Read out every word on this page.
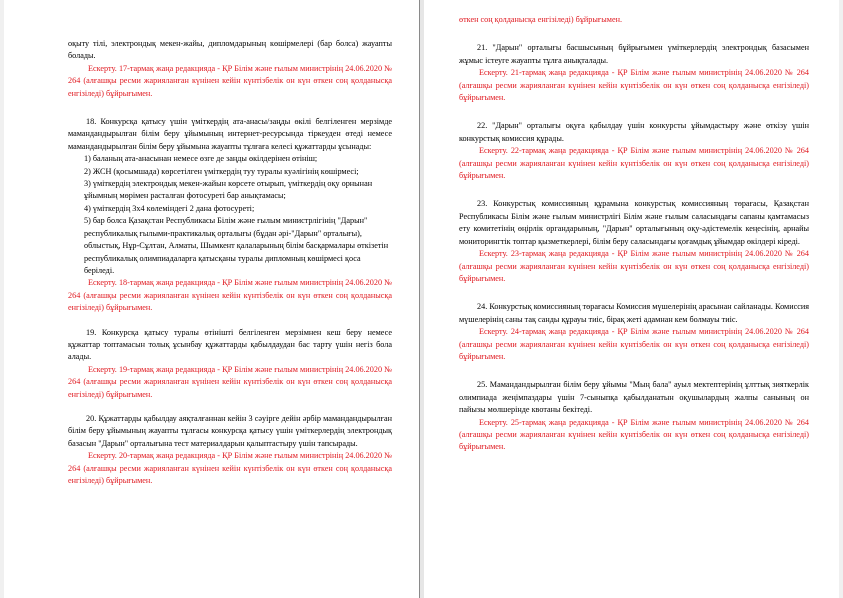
оқыту тілі, электрондық мекен-жайы, дипломдарының көшірмелері (бар болса) жауапты болады.

Ескерту. 17-тармақ жаңа редакцияда - ҚР Білім және ғылым министрінің 24.06.2020 № 264 (алғашқы ресми жарияланған күнінен кейін күнтізбелік он күн өткен соң қолданысқа енгізіледі) бұйрығымен.

18. Конкурсқа қатысу үшін үміткердің ата-анасы/заңды өкілі белгіленген мерзімде мамандандырылған білім беру ұйымының интернет-ресурсында тіркеуден өтеді немесе мамандандырылған білім беру ұйымына жауапты тұлғаға келесі құжаттарды ұсынады:

1) баланың ата-анасынан немесе өзге де заңды өкілдерінен өтініш;

2) ЖСН (қосымшада) көрсетілген үміткердің туу туралы куәлігінің көшірмесі;

3) үміткердің электрондық мекен-жайын көрсете отырып, үміткердің оқу орнынан ұйымның мөрімен расталған фотосуреті бар анықтамасы;

4) үміткердің 3x4 көлеміндегі 2 дана фотосуреті;

5) бар болса Қазақстан Республикасы Білім және ғылым министрлігінің "Дарын" республикалық ғылыми-практикалық орталығы (бұдан әрі-"Дарын" орталығы), облыстық, Нұр-Сұлтан, Алматы, Шымкент қалаларының білім басқармалары өткізетін республикалық олимпиадаларға қатысқаны туралы дипломның көшірмесі қоса беріледі.

Ескерту. 18-тармақ жаңа редакцияда - ҚР Білім және ғылым министрінің 24.06.2020 № 264 (алғашқы ресми жарияланған күнінен кейін күнтізбелік он күн өткен соң қолданысқа енгізіледі) бұйрығымен.

19. Конкурсқа қатысу туралы өтінішті белгіленген мерзімнен кеш беру немесе құжаттар топтамасын толық ұсынбау құжаттарды қабылдаудан бас тарту үшін негіз бола алады.

Ескерту. 19-тармақ жаңа редакцияда - ҚР Білім және ғылым министрінің 24.06.2020 № 264 (алғашқы ресми жарияланған күнінен кейін күнтізбелік он күн өткен соң қолданысқа енгізіледі) бұйрығымен.

20. Құжаттарды қабылдау аяқталғаннан кейін 3 сәуірге дейін әрбір мамандандырылған білім беру ұйымының жауапты тұлғасы конкурсқа қатысу үшін үміткерлердің электрондық базасын "Дарын" орталығына тест материалдарын қалыптастыру үшін тапсырады.

Ескерту. 20-тармақ жаңа редакцияда - ҚР Білім және ғылым министрінің 24.06.2020 № 264 (алғашқы ресми жарияланған күнінен кейін күнтізбелік он күн өткен соң қолданысқа енгізіледі) бұйрығымен.

өткен соң қолданысқа енгізіледі) бұйрығымен.

21. "Дарын" орталығы басшысының бұйрығымен үміткерлердің электрондық базасымен жұмыс істеуге жауапты тұлға анықталады.

Ескерту. 21-тармақ жаңа редакцияда - ҚР Білім және ғылым министрінің 24.06.2020 № 264 (алғашқы ресми жарияланған күнінен кейін күнтізбелік он күн өткен соң қолданысқа енгізіледі) бұйрығымен.

22. "Дарын" орталығы оқуға қабылдау үшін конкурсты ұйымдастыру және өткізу үшін конкурстық комиссия құрады.

Ескерту. 22-тармақ жаңа редакцияда - ҚР Білім және ғылым министрінің 24.06.2020 № 264 (алғашқы ресми жарияланған күнінен кейін күнтізбелік он күн өткен соң қолданысқа енгізіледі) бұйрығымен.

23. Конкурстық комиссияның құрамына конкурстық комиссияның төрағасы, Қазақстан Республикасы Білім және ғылым министрлігі Білім және ғылым саласындағы сапаны қамтамасыз ету комитетінің өңірлік органдарының, "Дарын" орталығының оқу-әдістемелік кеңесінің, арнайы мониторингтік топтар қызметкерлері, білім беру саласындағы қоғамдық ұйымдар өкілдері кіреді.

Ескерту. 23-тармақ жаңа редакцияда - ҚР Білім және ғылым министрінің 24.06.2020 № 264 (алғашқы ресми жарияланған күнінен кейін күнтізбелік он күн өткен соң қолданысқа енгізіледі) бұйрығымен.

24. Конкурстық комиссияның төрағасы Комиссия мүшелерінің арасынан сайланады. Комиссия мүшелерінің саны тақ санды құрауы тиіс, бірақ жеті адамнан кем болмауы тиіс.

Ескерту. 24-тармақ жаңа редакцияда - ҚР Білім және ғылым министрінің 24.06.2020 № 264 (алғашқы ресми жарияланған күнінен кейін күнтізбелік он күн өткен соң қолданысқа енгізіледі) бұйрығымен.

25. Мамандандырылған білім беру ұйымы "Мың бала" ауыл мектептерінің ұлттық зияткерлік олимпиада жеңімпаздары үшін 7-сыныпқа қабылданатын оқушылардың жалпы санының он пайызы мөлшерінде квотаны бекітеді.

Ескерту. 25-тармақ жаңа редакцияда - ҚР Білім және ғылым министрінің 24.06.2020 № 264 (алғашқы ресми жарияланған күнінен кейін күнтізбелік он күн өткен соң қолданысқа енгізіледі) бұйрығымен.
